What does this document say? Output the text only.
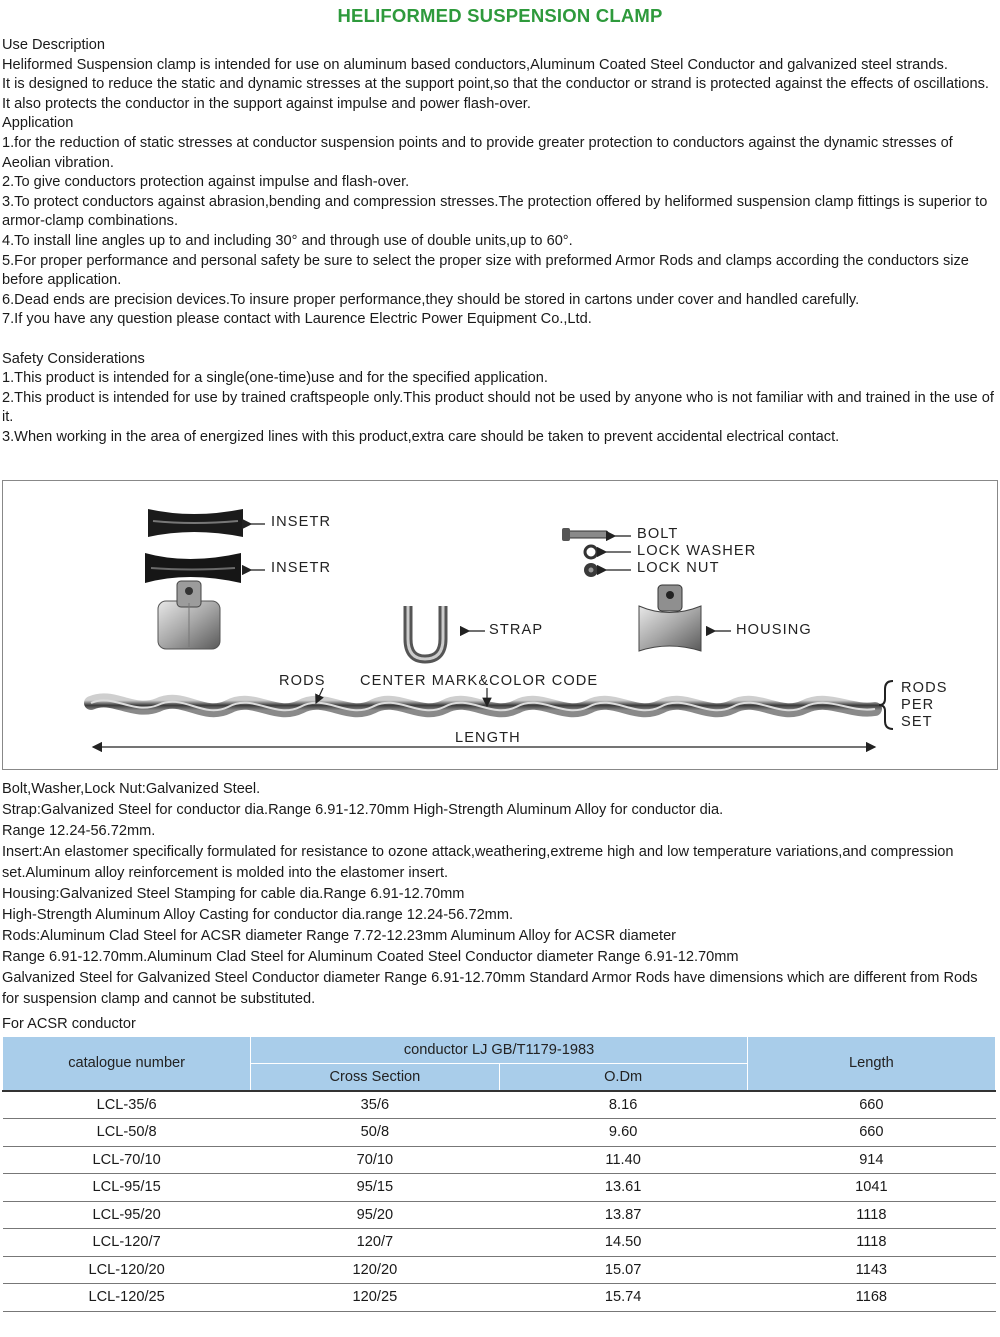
HELIFORMED SUSPENSION CLAMP

Use Description

Heliformed Suspension clamp is intended for use on aluminum based conductors,Aluminum Coated Steel Conductor and galvanized steel strands.

It is designed to reduce the static and dynamic stresses at the support point,so that the conductor or strand is protected against the effects of oscillations.

It also protects the conductor in the support against impulse and power flash-over.

Application

1.for the reduction of static stresses at conductor suspension points and to provide greater protection to conductors against the dynamic stresses of Aeolian vibration.

2.To give conductors protection against impulse and flash-over.

3.To protect conductors against abrasion,bending and compression stresses.The protection offered by heliformed suspension clamp fittings is superior to armor-clamp combinations.

4.To install line angles up to and including 30° and through use of double units,up to 60°.

5.For proper performance and personal safety be sure to select the proper size with preformed Armor Rods and clamps according the conductors size before application.

6.Dead ends are precision devices.To insure proper performance,they should be stored in cartons under cover and handled carefully.

7.If you have any question please contact with Laurence Electric Power Equipment Co.,Ltd.

Safety Considerations

1.This product is intended for a single(one-time)use and for the specified application.

2.This product is intended for use by trained craftspeople only.This product should not be used by anyone who is not familiar with and trained in the use of it.

3.When working in the area of energized lines with this product,extra care should be taken to prevent accidental electrical contact.

INSETR
INSETR
BOLT
LOCK WASHER
LOCK NUT
STRAP	HOUSING
RODS CENTER MARK&COLOR CODE	RODS
PER
SET
LENGTH

Bolt,Washer,Lock Nut:Galvanized Steel.

Strap:Galvanized Steel for conductor dia.Range 6.91-12.70mm High-Strength Aluminum Alloy for conductor dia.

Range 12.24-56.72mm.

Insert:An elastomer specifically formulated for resistance to ozone attack,weathering,extreme high and low temperature variations,and compression set.Aluminum alloy reinforcement is molded into the elastomer insert.

Housing:Galvanized Steel Stamping for cable dia.Range 6.91-12.70mm

High-Strength Aluminum Alloy Casting for conductor dia.range 12.24-56.72mm.

Rods:Aluminum Clad Steel for ACSR diameter Range 7.72-12.23mm Aluminum Alloy for ACSR diameter

Range 6.91-12.70mm.Aluminum Clad Steel for Aluminum Coated Steel Conductor diameter Range 6.91-12.70mm

Galvanized Steel for Galvanized Steel Conductor diameter Range 6.91-12.70mm Standard Armor Rods have dimensions which are different from Rods for suspension clamp and cannot be substituted.

For ACSR conductor
catalogue number	conductor LJ GB/T1179-1983		Length
	Cross Section	O.Dm	
LCL-35/6	35/6	8.16	660
LCL-50/8	50/8	9.60	660
LCL-70/10	70/10	11.40	914
LCL-95/15	95/15	13.61	1041
LCL-95/20	95/20	13.87	1118
LCL-120/7	120/7	14.50	1118
LCL-120/20	120/20	15.07	1143
LCL-120/25	120/25	15.74	1168
